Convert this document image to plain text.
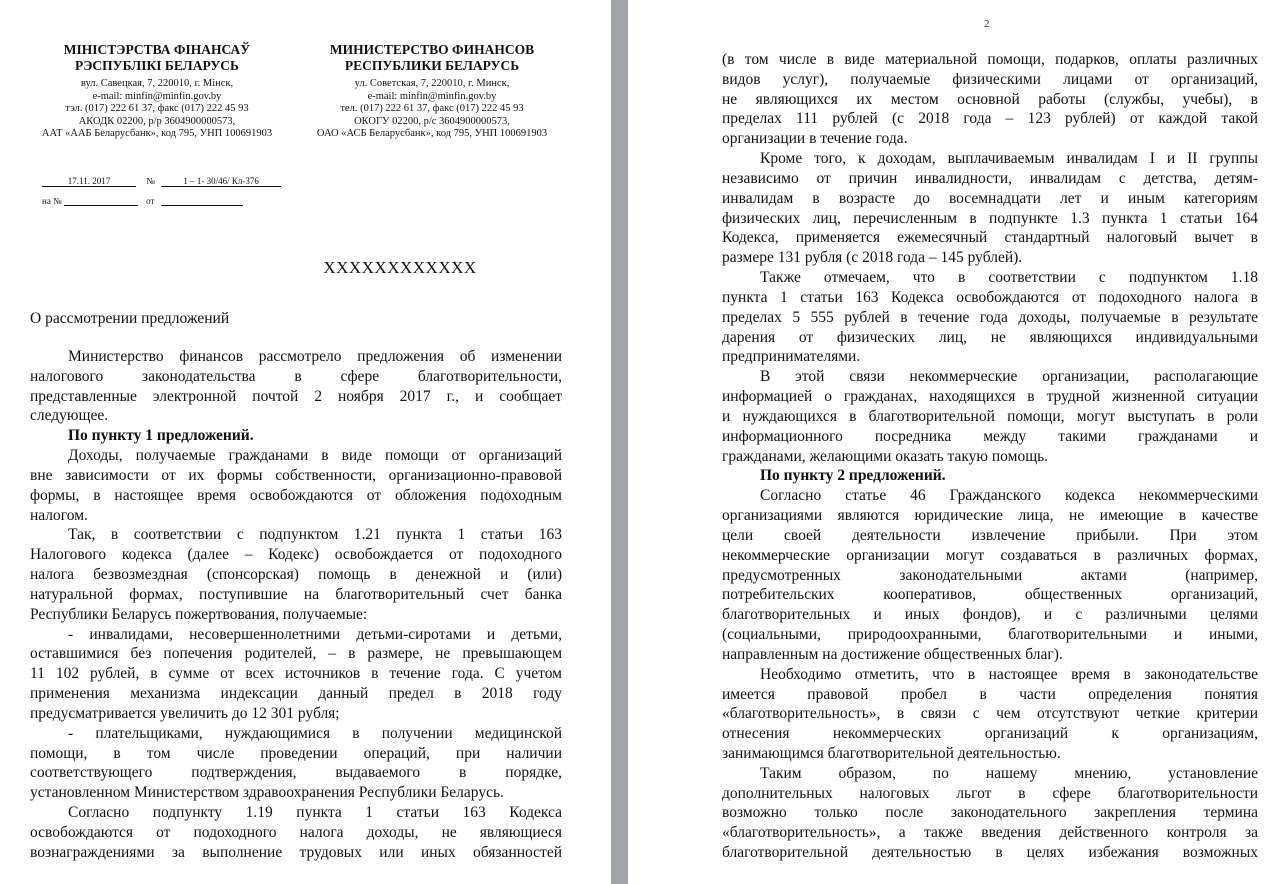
МІНІСТЭРСТВА ФІНАНСАЎ
РЭСПУБЛІКІ БЕЛАРУСЬ
вул. Савецкая, 7, 220010, г. Мінск,
e-mail: minfin@minfin.gov.by
тэл. (017) 222 61 37, факс (017) 222 45 93
АКОДК 02200, р/р 3604900000573,
ААТ «ААБ Беларусбанк», код 795, УНП 100691903
МИНИСТЕРСТВО ФИНАНСОВ
РЕСПУБЛИКИ БЕЛАРУСЬ
ул. Советская, 7, 220010, г. Минск,
e-mail: minfin@minfin.gov.by
тел. (017) 222 61 37, факс (017) 222 45 93
ОКОГУ 02200, р/с 3604900000573,
ОАО «АСБ Беларусбанк», код 795, УНП 100691903
17.11. 2017	№	1 – 1- 30/46/ Кл-376
на №	от
XXXXXXXXXXXX
О рассмотрении предложений
Министерство финансов рассмотрело предложения об изменении
налогового законодательства в сфере благотворительности,
представленные электронной почтой 2 ноября 2017 г., и сообщает
следующее.
По пункту 1 предложений.
Доходы, получаемые гражданами в виде помощи от организаций
вне зависимости от их формы собственности, организационно-правовой
формы, в настоящее время освобождаются от обложения подоходным
налогом.
Так, в соответствии с подпунктом 1.21 пункта 1 статьи 163
Налогового кодекса (далее – Кодекс) освобождается от подоходного
налога безвозмездная (спонсорская) помощь в денежной и (или)
натуральной формах, поступившие на благотворительный счет банка
Республики Беларусь пожертвования, получаемые:
- инвалидами, несовершеннолетними детьми-сиротами и детьми,
оставшимися без попечения родителей, – в размере, не превышающем
11 102 рублей, в сумме от всех источников в течение года. С учетом
применения механизма индексации данный предел в 2018 году
предусматривается увеличить до 12 301 рубля;
- плательщиками, нуждающимися в получении медицинской
помощи, в том числе проведении операций, при наличии
соответствующего подтверждения, выдаваемого в порядке,
установленном Министерством здравоохранения Республики Беларусь.
Согласно подпункту 1.19 пункта 1 статьи 163 Кодекса
освобождаются от подоходного налога доходы, не являющиеся
вознаграждениями за выполнение трудовых или иных обязанностей
2
(в том числе в виде материальной помощи, подарков, оплаты различных
видов услуг), получаемые физическими лицами от организаций,
не являющихся их местом основной работы (службы, учебы), в
пределах 111 рублей (с 2018 года – 123 рублей) от каждой такой
организации в течение года.
Кроме того, к доходам, выплачиваемым инвалидам I и II группы
независимо от причин инвалидности, инвалидам с детства, детям-
инвалидам в возрасте до восемнадцати лет и иным категориям
физических лиц, перечисленным в подпункте 1.3 пункта 1 статьи 164
Кодекса, применяется ежемесячный стандартный налоговый вычет в
размере 131 рубля (с 2018 года – 145 рублей).
Также отмечаем, что в соответствии с подпунктом 1.18
пункта 1 статьи 163 Кодекса освобождаются от подоходного налога в
пределах 5 555 рублей в течение года доходы, получаемые в результате
дарения от физических лиц, не являющихся индивидуальными
предпринимателями.
В этой связи некоммерческие организации, располагающие
информацией о гражданах, находящихся в трудной жизненной ситуации
и нуждающихся в благотворительной помощи, могут выступать в роли
информационного посредника между такими гражданами и
гражданами, желающими оказать такую помощь.
По пункту 2 предложений.
Согласно статье 46 Гражданского кодекса некоммерческими
организациями являются юридические лица, не имеющие в качестве
цели своей деятельности извлечение прибыли. При этом
некоммерческие организации могут создаваться в различных формах,
предусмотренных законодательными актами (например,
потребительских кооперативов, общественных организаций,
благотворительных и иных фондов), и с различными целями
(социальными, природоохранными, благотворительными и иными,
направленным на достижение общественных благ).
Необходимо отметить, что в настоящее время в законодательстве
имеется правовой пробел в части определения понятия
«благотворительность», в связи с чем отсутствуют четкие критерии
отнесения некоммерческих организаций к организациям,
занимающимся благотворительной деятельностью.
Таким образом, по нашему мнению, установление
дополнительных налоговых льгот в сфере благотворительности
возможно только после законодательного закрепления термина
«благотворительность», а также введения действенного контроля за
благотворительной деятельностью в целях избежания возможных
